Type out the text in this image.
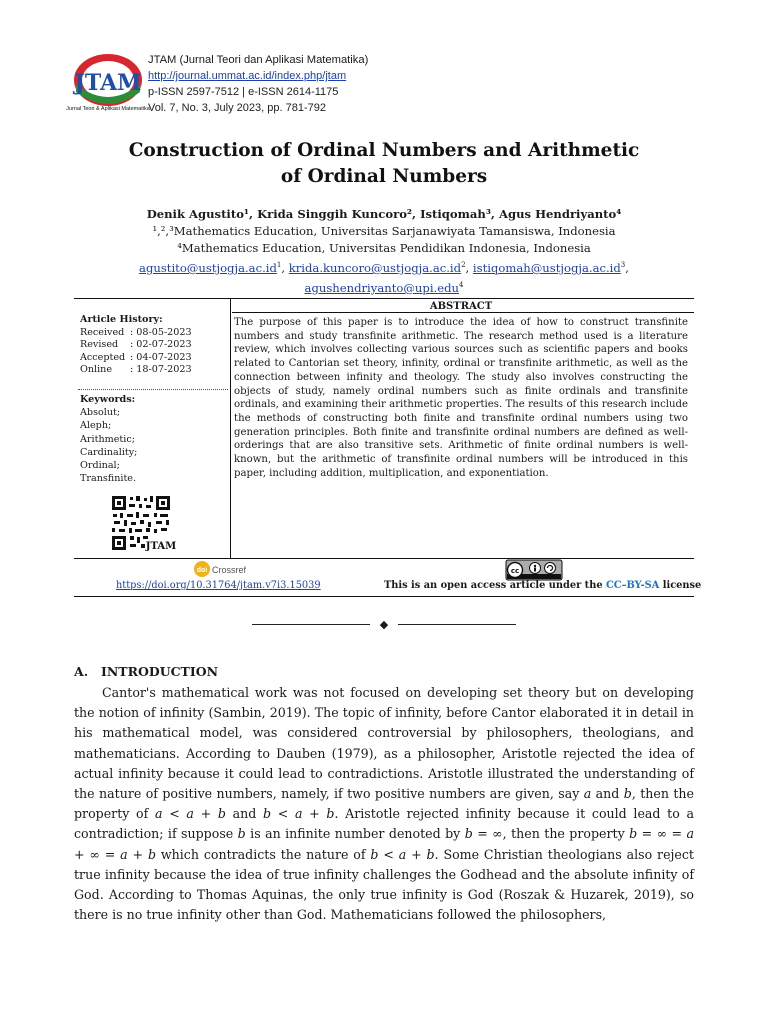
JTAM
Jurnal Teori & Aplikasi Matematika
JTAM (Jurnal Teori dan Aplikasi Matematika)
http://journal.ummat.ac.id/index.php/jtam
p-ISSN 2597-7512 | e-ISSN 2614-1175
Vol. 7, No. 3, July 2023, pp. 781-792
Construction of Ordinal Numbers and Arithmetic
of Ordinal Numbers
Denik Agustito¹, Krida Singgih Kuncoro², Istiqomah³, Agus Hendriyanto⁴
¹,²,³Mathematics Education, Universitas Sarjanawiyata Tamansiswa, Indonesia
⁴Mathematics Education, Universitas Pendidikan Indonesia, Indonesia
$agustito@ustjogja.ac.id^1$, $krida.kuncoro@ustjogja.ac.id^2$, $istiqomah@ustjogja.ac.id^3$,
agushendriyanto@upi.edu$^4$
Article History:
Received : 08-05-2023
Revised : 02-07-2023
Accepted : 04-07-2023
Online : 18-07-2023
Keywords:
Absolut;
Aleph;
Arithmetic;
Cardinality;
Ordinal;
Transfinite.
JTAM
ABSTRACT
The purpose of this paper is to introduce the idea of how to construct transfinite numbers and study transfinite arithmetic. The research method used is a literature review, which involves collecting various sources such as scientific papers and books related to Cantorian set theory, infinity, ordinal or transfinite arithmetic, as well as the connection between infinity and theology. The study also involves constructing the objects of study, namely ordinal numbers such as finite ordinals and transfinite ordinals, and examining their arithmetic properties. The results of this research include the methods of constructing both finite and transfinite ordinal numbers using two generation principles. Both finite and transfinite ordinal numbers are defined as well-orderings that are also transitive sets. Arithmetic of finite ordinal numbers is well-known, but the arithmetic of transfinite ordinal numbers will be introduced in this paper, including addition, multiplication, and exponentiation.
doi Crossref
https://doi.org/10.31764/jtam.v7i3.15039
cc
This is an open access article under the CC–BY-SA license
◆
A. INTRODUCTION

Cantor's mathematical work was not focused on developing set theory but on developing the notion of infinity (Sambin, 2019). The topic of infinity, before Cantor elaborated it in detail in his mathematical model, was considered controversial by philosophers, theologians, and mathematicians. According to Dauben (1979), as a philosopher, Aristotle rejected the idea of actual infinity because it could lead to contradictions. Aristotle illustrated the understanding of the nature of positive numbers, namely, if two positive numbers are given, say 𝑎 and 𝑏, then the property of 𝑎 < 𝑎 + 𝑏 and 𝑏 < 𝑎 + 𝑏. Aristotle rejected infinity because it could lead to a contradiction; if suppose 𝑏 is an infinite number denoted by 𝑏 = ∞, then the property 𝑏 = ∞ = 𝑎 + ∞ = 𝑎 + 𝑏 which contradicts the nature of 𝑏 < 𝑎 + 𝑏. Some Christian theologians also reject true infinity because the idea of true infinity challenges the Godhead and the absolute infinity of God. According to Thomas Aquinas, the only true infinity is God (Roszak & Huzarek, 2019), so there is no true infinity other than God. Mathematicians followed the philosophers,
